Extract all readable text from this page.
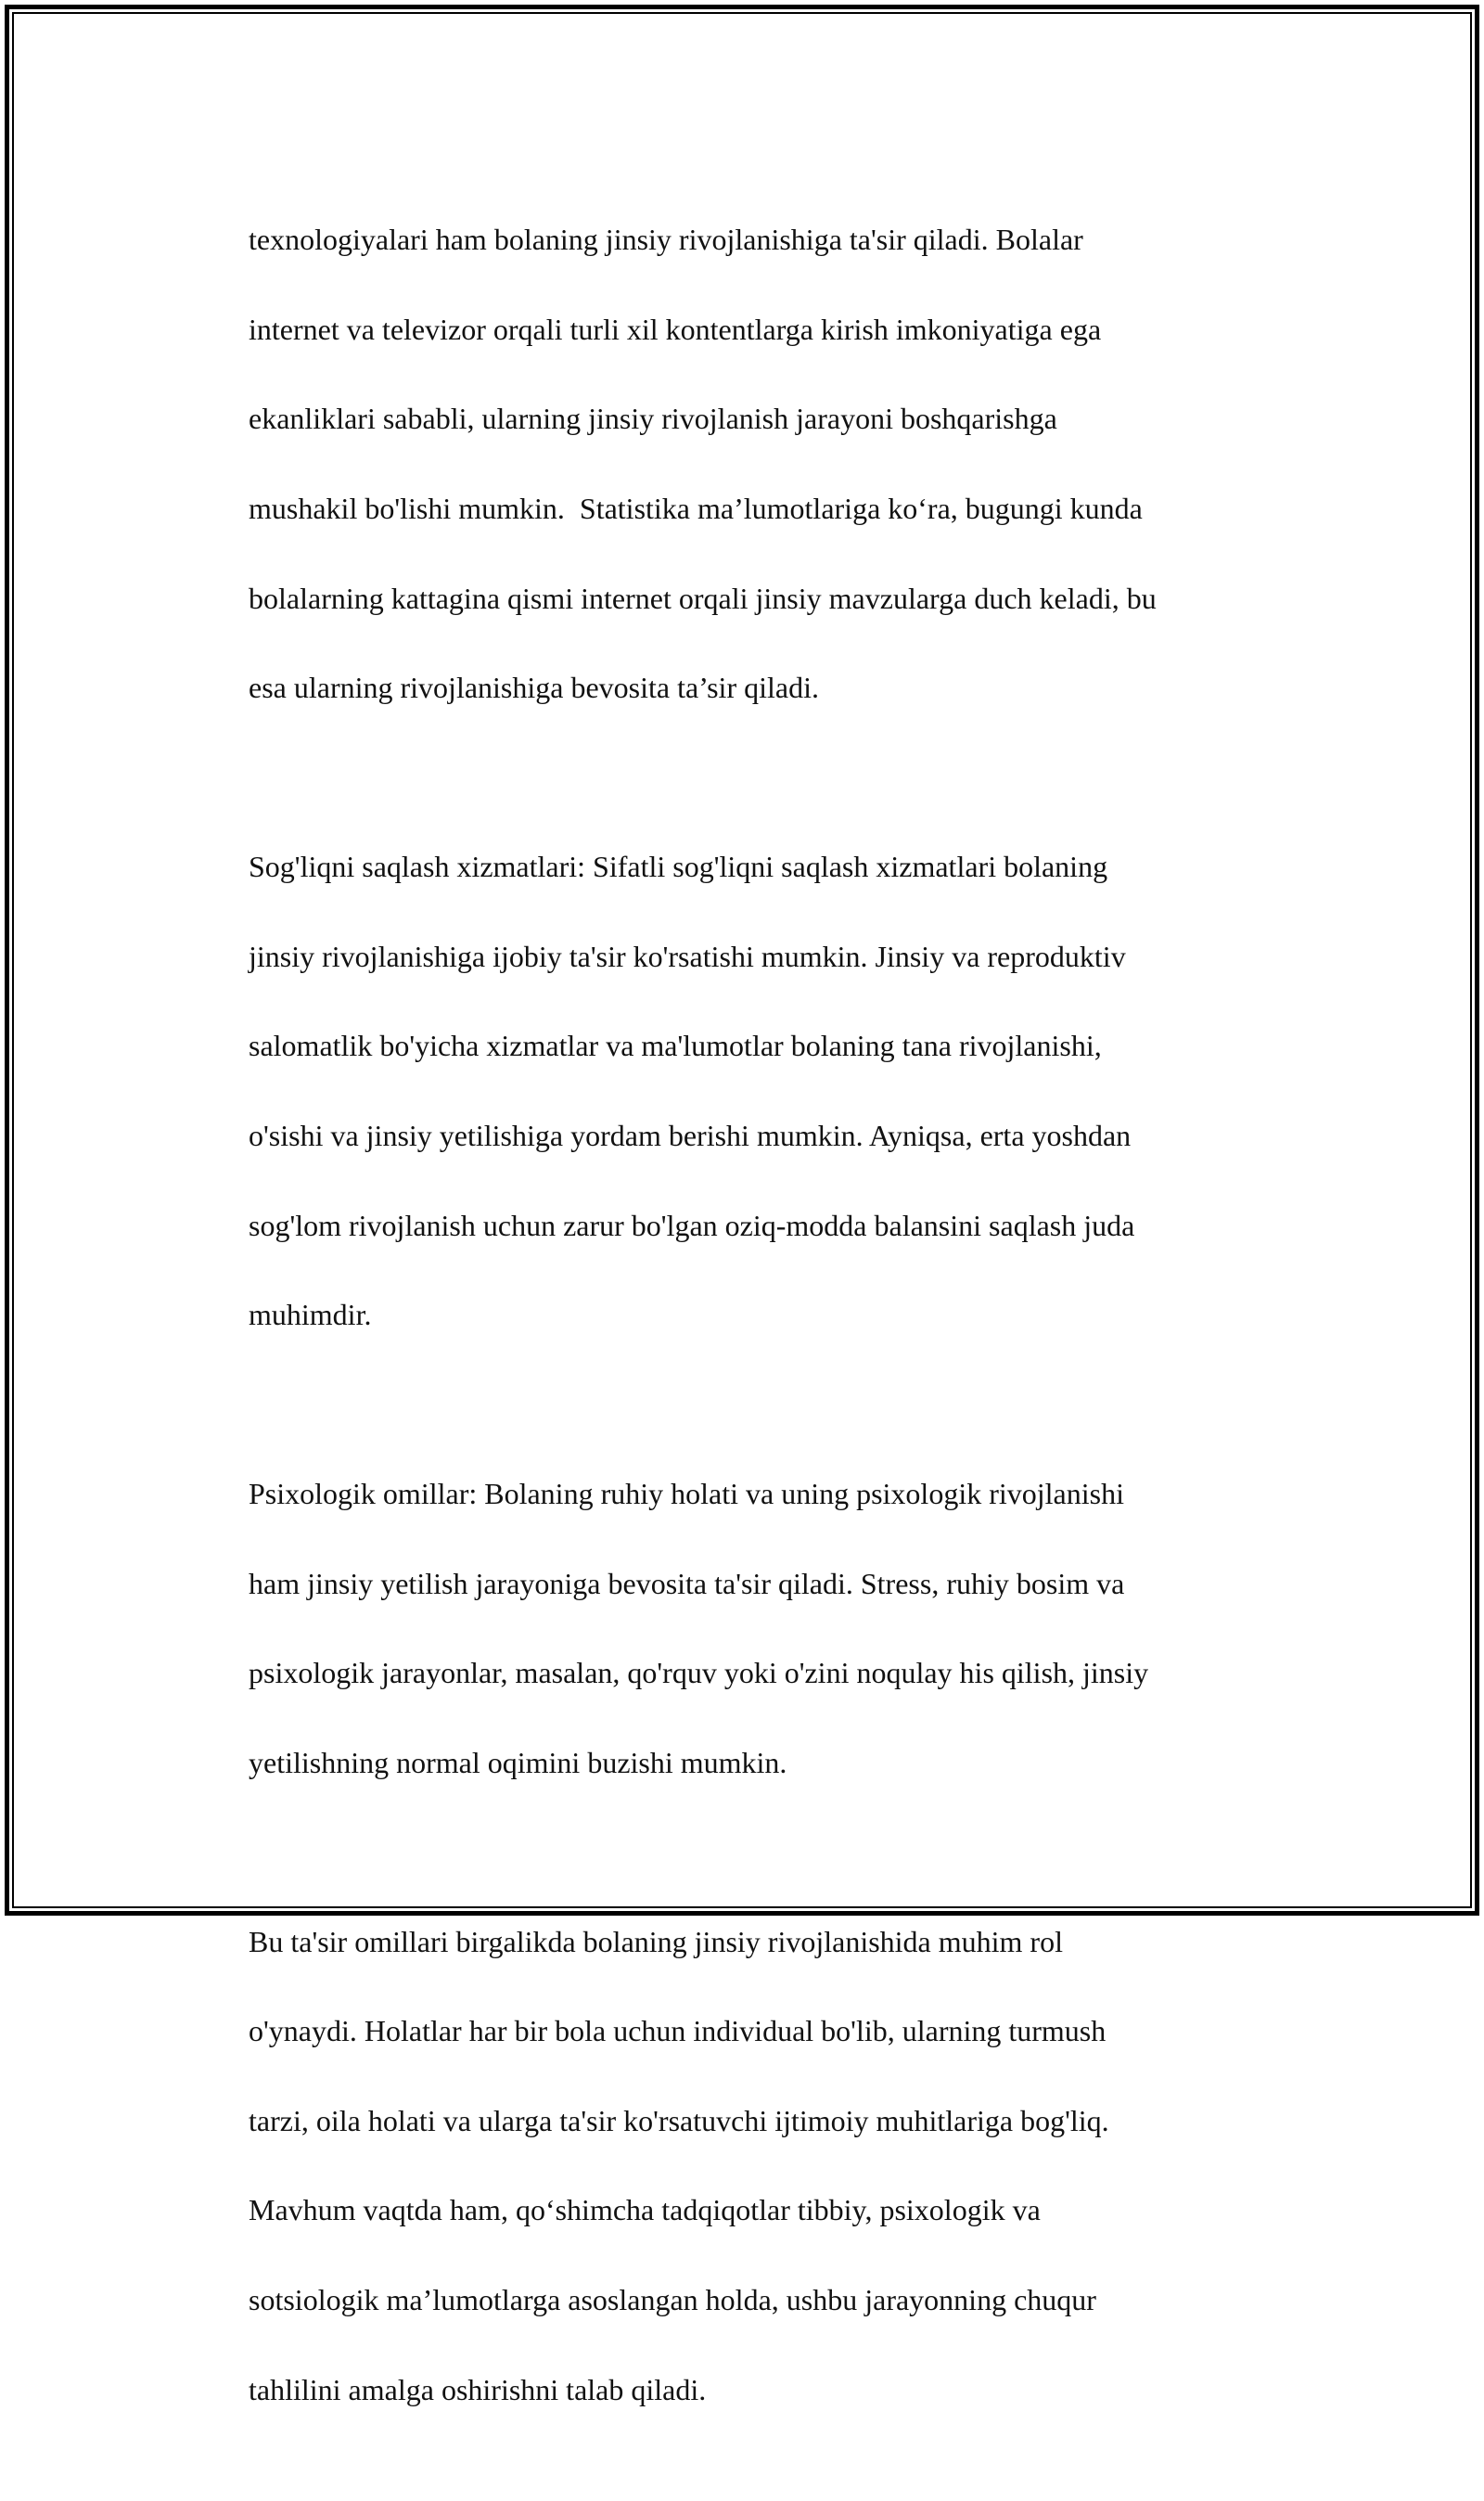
texnologiyalari ham bolaning jinsiy rivojlanishiga ta'sir qiladi. Bolalar

internet va televizor orqali turli xil kontentlarga kirish imkoniyatiga ega

ekanliklari sababli, ularning jinsiy rivojlanish jarayoni boshqarishga

mushakil bo'lishi mumkin.  Statistika ma’lumotlariga ko‘ra, bugungi kunda

bolalarning kattagina qismi internet orqali jinsiy mavzularga duch keladi, bu

esa ularning rivojlanishiga bevosita ta’sir qiladi.

Sog'liqni saqlash xizmatlari: Sifatli sog'liqni saqlash xizmatlari bolaning

jinsiy rivojlanishiga ijobiy ta'sir ko'rsatishi mumkin. Jinsiy va reproduktiv

salomatlik bo'yicha xizmatlar va ma'lumotlar bolaning tana rivojlanishi,

o'sishi va jinsiy yetilishiga yordam berishi mumkin. Ayniqsa, erta yoshdan

sog'lom rivojlanish uchun zarur bo'lgan oziq-modda balansini saqlash juda

muhimdir.

Psixologik omillar: Bolaning ruhiy holati va uning psixologik rivojlanishi

ham jinsiy yetilish jarayoniga bevosita ta'sir qiladi. Stress, ruhiy bosim va

psixologik jarayonlar, masalan, qo'rquv yoki o'zini noqulay his qilish, jinsiy

yetilishning normal oqimini buzishi mumkin.

Bu ta'sir omillari birgalikda bolaning jinsiy rivojlanishida muhim rol

o'ynaydi. Holatlar har bir bola uchun individual bo'lib, ularning turmush

tarzi, oila holati va ularga ta'sir ko'rsatuvchi ijtimoiy muhitlariga bog'liq.

Mavhum vaqtda ham, qo‘shimcha tadqiqotlar tibbiy, psixologik va

sotsiologik ma’lumotlarga asoslangan holda, ushbu jarayonning chuqur

tahlilini amalga oshirishni talab qiladi.
